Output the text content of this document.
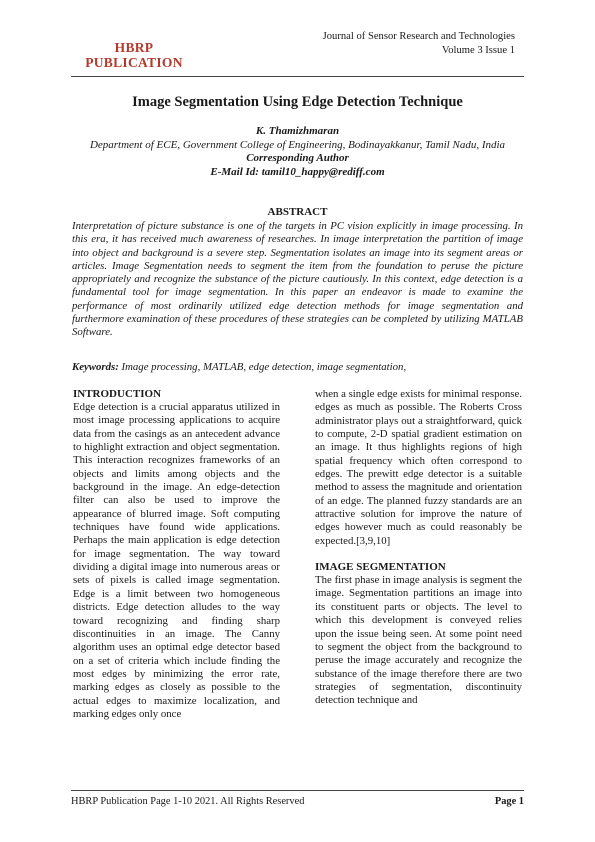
HBRP
PUBLICATION
Journal of Sensor Research and Technologies
Volume 3 Issue 1
Image Segmentation Using Edge Detection Technique
K. Thamizhmaran
Department of ECE, Government College of Engineering, Bodinayakkanur, Tamil Nadu, India
Corresponding Author
E-Mail Id: tamil10_happy@rediff.com
ABSTRACT
Interpretation of picture substance is one of the targets in PC vision explicitly in image processing. In this era, it has received much awareness of researches. In image interpretation the partition of image into object and background is a severe step. Segmentation isolates an image into its segment areas or articles. Image Segmentation needs to segment the item from the foundation to peruse the picture appropriately and recognize the substance of the picture cautiously. In this context, edge detection is a fundamental tool for image segmentation. In this paper an endeavor is made to examine the performance of most ordinarily utilized edge detection methods for image segmentation and furthermore examination of these procedures of these strategies can be completed by utilizing MATLAB Software.
Keywords: Image processing, MATLAB, edge detection, image segmentation,

INTRODUCTION

Edge detection is a crucial apparatus utilized in most image processing applications to acquire data from the casings as an antecedent advance to highlight extraction and object segmentation. This interaction recognizes frameworks of an objects and limits among objects and the background in the image. An edge-detection filter can also be used to improve the appearance of blurred image. Soft computing techniques have found wide applications. Perhaps the main application is edge detection for image segmentation. The way toward dividing a digital image into numerous areas or sets of pixels is called image segmentation. Edge is a limit between two homogeneous districts. Edge detection alludes to the way toward recognizing and finding sharp discontinuities in an image. The Canny algorithm uses an optimal edge detector based on a set of criteria which include finding the most edges by minimizing the error rate, marking edges as closely as possible to the actual edges to maximize localization, and marking edges only once

when a single edge exists for minimal response. edges as much as possible. The Roberts Cross administrator plays out a straightforward, quick to compute, 2-D spatial gradient estimation on an image. It thus highlights regions of high spatial frequency which often correspond to edges. The prewitt edge detector is a suitable method to assess the magnitude and orientation of an edge. The planned fuzzy standards are an attractive solution for improve the nature of edges however much as could reasonably be expected.[3,9,10]

IMAGE SEGMENTATION

The first phase in image analysis is segment the image. Segmentation partitions an image into its constituent parts or objects. The level to which this development is conveyed relies upon the issue being seen. At some point need to segment the object from the background to peruse the image accurately and recognize the substance of the image therefore there are two strategies of segmentation, discontinuity detection technique and

HBRP Publication Page 1-10 2021. All Rights Reserved	Page 1
